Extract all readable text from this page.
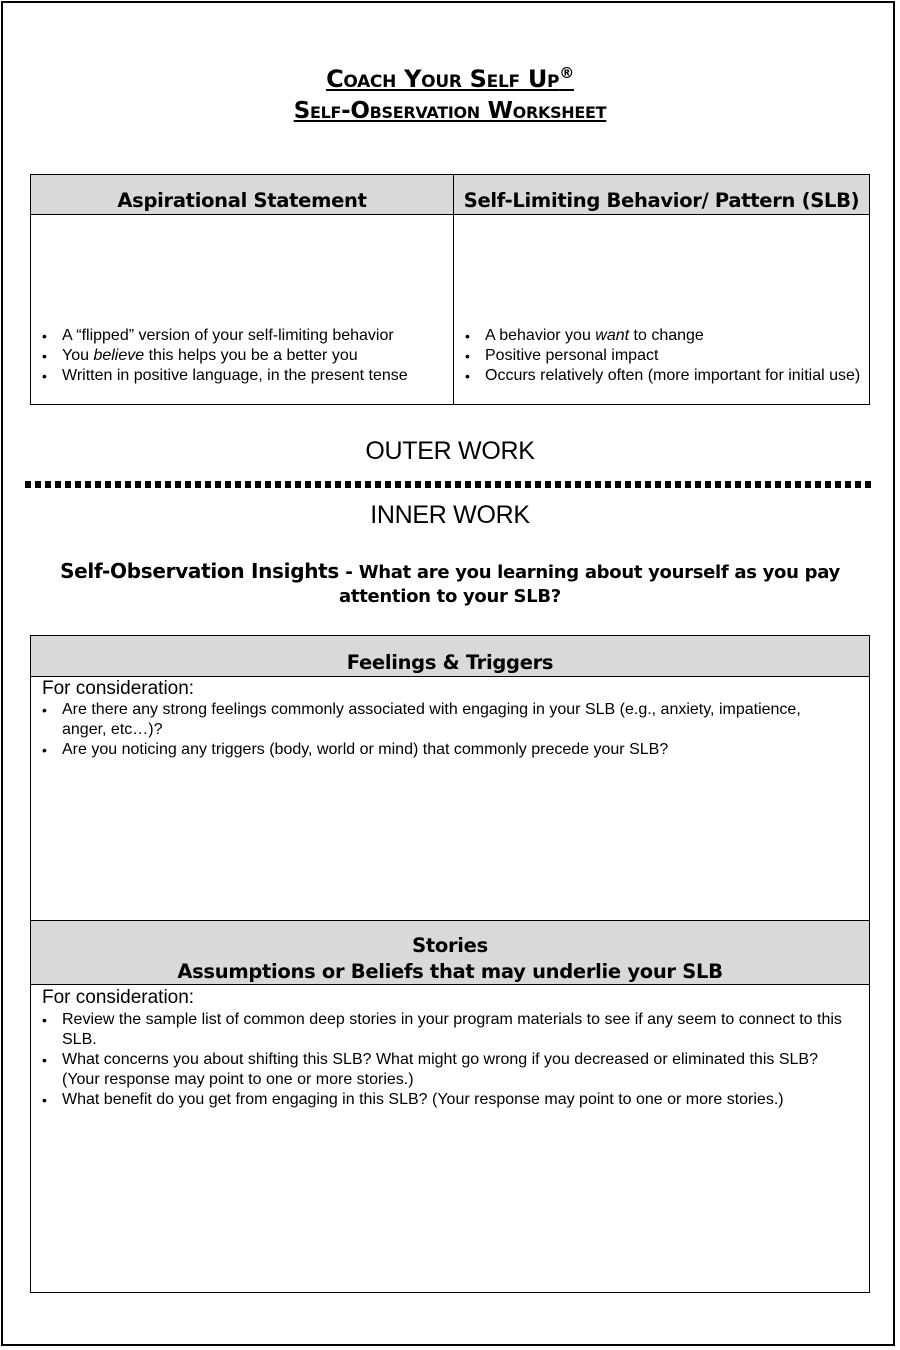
Coach Your Self Up®
Self-Observation Worksheet
Aspirational Statement
• A “flipped” version of your self-limiting behavior
• You believe this helps you be a better you
• Written in positive language, in the present tense
Self-Limiting Behavior/ Pattern (SLB)
• A behavior you want to change
• Positive personal impact
• Occurs relatively often (more important for initial use)
OUTER WORK
INNER WORK
Self-Observation Insights - What are you learning about yourself as you pay attention to your SLB?
Feelings & Triggers
For consideration:
• Are there any strong feelings commonly associated with engaging in your SLB (e.g., anxiety, impatience, anger, etc…)?
• Are you noticing any triggers (body, world or mind) that commonly precede your SLB?
Stories
Assumptions or Beliefs that may underlie your SLB
For consideration:
• Review the sample list of common deep stories in your program materials to see if any seem to connect to this SLB.
• What concerns you about shifting this SLB? What might go wrong if you decreased or eliminated this SLB? (Your response may point to one or more stories.)
• What benefit do you get from engaging in this SLB? (Your response may point to one or more stories.)
